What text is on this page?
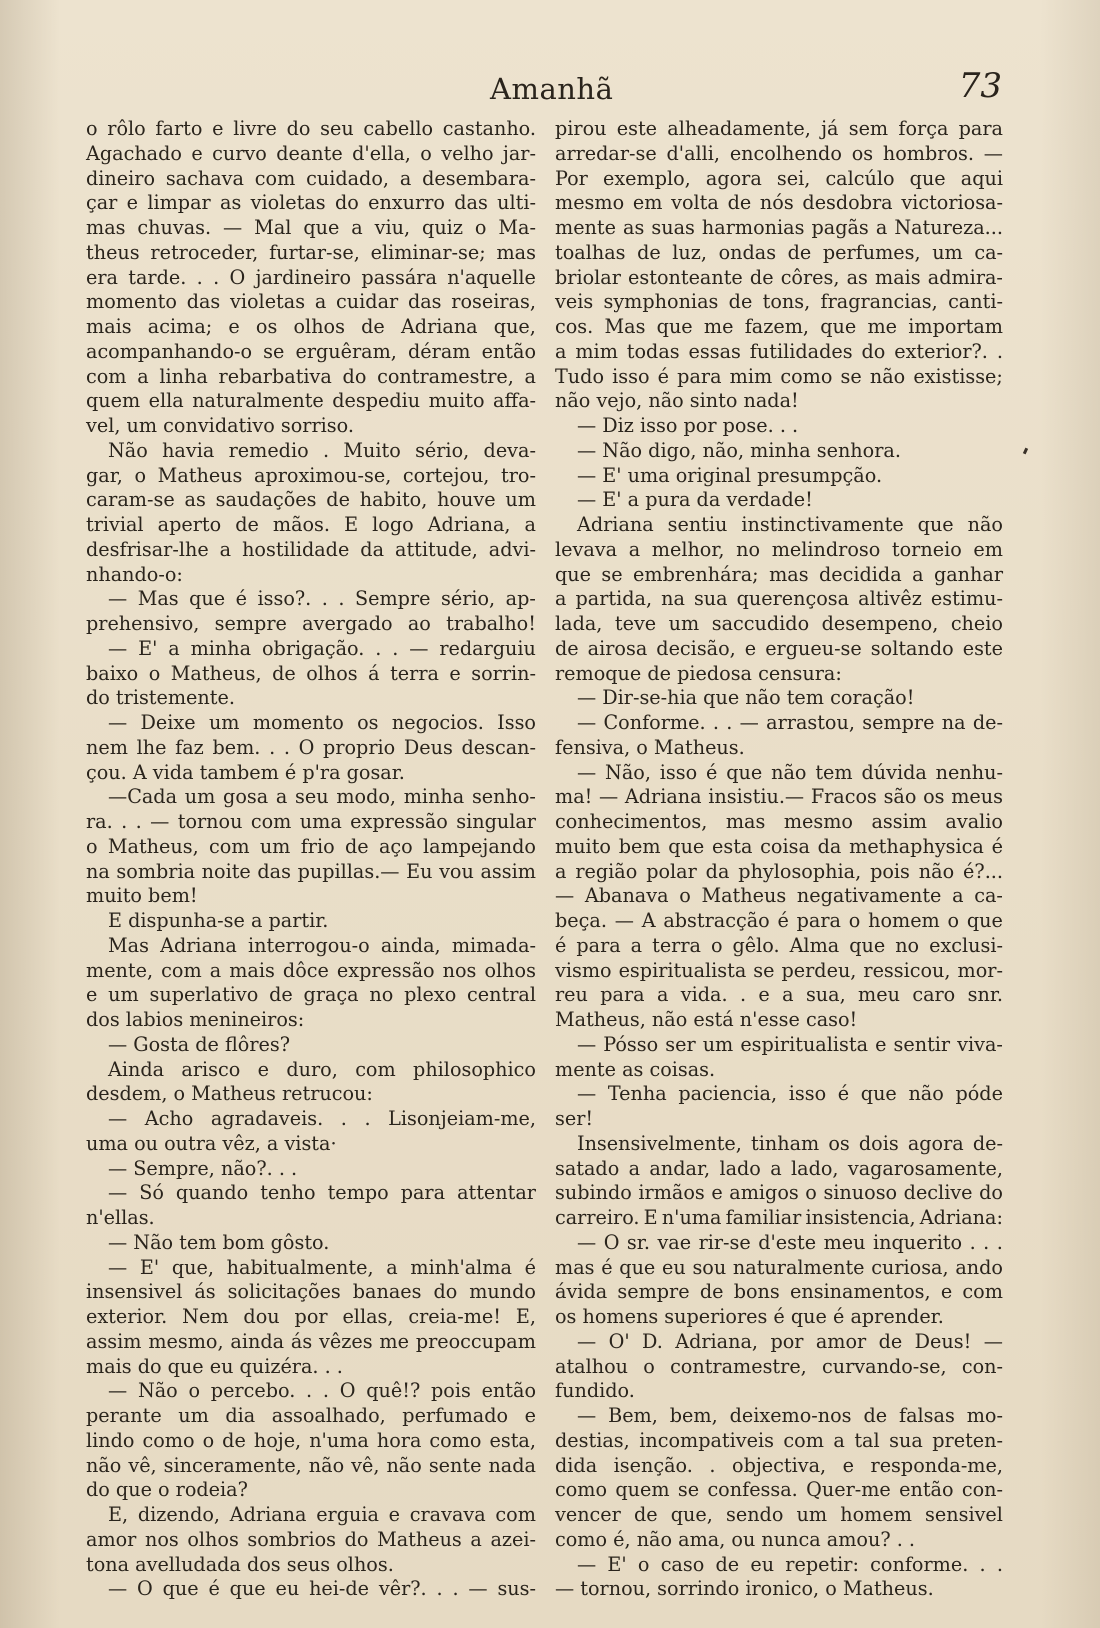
Amanhã	73
o rôlo farto e livre do seu cabello castanho.
Agachado e curvo deante d'ella, o velho jar-
dineiro sachava com cuidado, a desembara-
çar e limpar as violetas do enxurro das ulti-
mas chuvas. — Mal que a viu, quiz o Ma-
theus retroceder, furtar-se, eliminar-se; mas
era tarde. . . O jardineiro passára n'aquelle
momento das violetas a cuidar das roseiras,
mais acima; e os olhos de Adriana que,
acompanhando-o se erguêram, déram então
com a linha rebarbativa do contramestre, a
quem ella naturalmente despediu muito affa-
vel, um convidativo sorriso.
Não havia remedio . Muito sério, deva-
gar, o Matheus aproximou-se, cortejou, tro-
caram-se as saudações de habito, houve um
trivial aperto de mãos. E logo Adriana, a
desfrisar-lhe a hostilidade da attitude, advi-
nhando-o:
— Mas que é isso?. . . Sempre sério, ap-
prehensivo, sempre avergado ao trabalho!
— E' a minha obrigação. . . — redarguiu
baixo o Matheus, de olhos á terra e sorrin-
do tristemente.
— Deixe um momento os negocios. Isso
nem lhe faz bem. . . O proprio Deus descan-
çou. A vida tambem é p'ra gosar.
—Cada um gosa a seu modo, minha senho-
ra. . . — tornou com uma expressão singular
o Matheus, com um frio de aço lampejando
na sombria noite das pupillas.— Eu vou assim
muito bem!
E dispunha-se a partir.
Mas Adriana interrogou-o ainda, mimada-
mente, com a mais dôce expressão nos olhos
e um superlativo de graça no plexo central
dos labios menineiros:
— Gosta de flôres?
Ainda arisco e duro, com philosophico
desdem, o Matheus retrucou:
— Acho agradaveis. . . Lisonjeiam-me,
uma ou outra vêz, a vista·
— Sempre, não?. . .
— Só quando tenho tempo para attentar
n'ellas.
— Não tem bom gôsto.
— E' que, habitualmente, a minh'alma é
insensivel ás solicitações banaes do mundo
exterior. Nem dou por ellas, creia-me! E,
assim mesmo, ainda ás vêzes me preoccupam
mais do que eu quizéra. . .
— Não o percebo. . . O quê!? pois então
perante um dia assoalhado, perfumado e
lindo como o de hoje, n'uma hora como esta,
não vê, sinceramente, não vê, não sente nada
do que o rodeia?
E, dizendo, Adriana erguia e cravava com
amor nos olhos sombrios do Matheus a azei-
tona avelludada dos seus olhos.
— O que é que eu hei-de vêr?. . . — sus-
pirou este alheadamente, já sem força para
arredar-se d'alli, encolhendo os hombros. —
Por exemplo, agora sei, calcúlo que aqui
mesmo em volta de nós desdobra victoriosa-
mente as suas harmonias pagãs a Natureza...
toalhas de luz, ondas de perfumes, um ca-
briolar estonteante de côres, as mais admira-
veis symphonias de tons, fragrancias, canti-
cos. Mas que me fazem, que me importam
a mim todas essas futilidades do exterior?. .
Tudo isso é para mim como se não existisse;
não vejo, não sinto nada!
— Diz isso por pose. . .
— Não digo, não, minha senhora.
— E' uma original presumpção.
— E' a pura da verdade!
Adriana sentiu instinctivamente que não
levava a melhor, no melindroso torneio em
que se embrenhára; mas decidida a ganhar
a partida, na sua querençosa altivêz estimu-
lada, teve um saccudido desempeno, cheio
de airosa decisão, e ergueu-se soltando este
remoque de piedosa censura:
— Dir-se-hia que não tem coração!
— Conforme. . . — arrastou, sempre na de-
fensiva, o Matheus.
— Não, isso é que não tem dúvida nenhu-
ma! — Adriana insistiu.— Fracos são os meus
conhecimentos, mas mesmo assim avalio
muito bem que esta coisa da methaphysica é
a região polar da phylosophia, pois não é?...
— Abanava o Matheus negativamente a ca-
beça. — A abstracção é para o homem o que
é para a terra o gêlo. Alma que no exclusi-
vismo espiritualista se perdeu, ressicou, mor-
reu para a vida. . e a sua, meu caro snr.
Matheus, não está n'esse caso!
— Pósso ser um espiritualista e sentir viva-
mente as coisas.
— Tenha paciencia, isso é que não póde
ser!
Insensivelmente, tinham os dois agora de-
satado a andar, lado a lado, vagarosamente,
subindo irmãos e amigos o sinuoso declive do
carreiro. E n'uma familiar insistencia, Adriana:
— O sr. vae rir-se d'este meu inquerito . . .
mas é que eu sou naturalmente curiosa, ando
ávida sempre de bons ensinamentos, e com
os homens superiores é que é aprender.
— O' D. Adriana, por amor de Deus! —
atalhou o contramestre, curvando-se, con-
fundido.
— Bem, bem, deixemo-nos de falsas mo-
destias, incompativeis com a tal sua preten-
dida isenção. . objectiva, e responda-me,
como quem se confessa. Quer-me então con-
vencer de que, sendo um homem sensivel
como é, não ama, ou nunca amou? . .
— E' o caso de eu repetir: conforme. . .
— tornou, sorrindo ironico, o Matheus.
